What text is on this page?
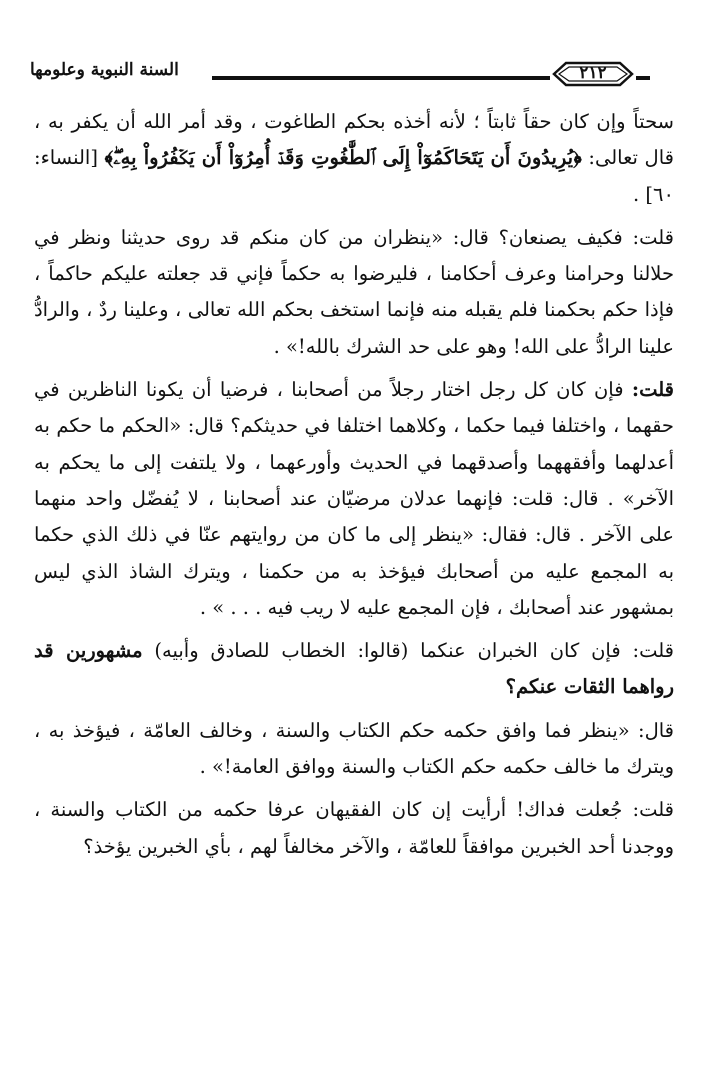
السنة النبوية وعلومها	٢١٢

سحتاً وإن كان حقاً ثابتاً ؛ لأنه أخذه بحكم الطاغوت ، وقد أمر الله أن يكفر به ، قال تعالى: ﴿يُرِيدُونَ أَن يَتَحَاكَمُوٓاْ إِلَى ٱلطَّٰغُوتِ وَقَدۡ أُمِرُوٓاْ أَن يَكۡفُرُواْ بِهِۦۖ﴾ [النساء: ٦٠] .

قلت: فكيف يصنعان؟ قال: «ينظران من كان منكم قد روى حديثنا ونظر في حلالنا وحرامنا وعرف أحكامنا ، فليرضوا به حكماً فإني قد جعلته عليكم حاكماً ، فإذا حكم بحكمنا فلم يقبله منه فإنما استخف بحكم الله تعالى ، وعلينا ردٌ ، والرادُّ علينا الرادُّ على الله! وهو على حد الشرك بالله!» .

قلت: فإن كان كل رجل اختار رجلاً من أصحابنا ، فرضيا أن يكونا الناظرين في حقهما ، واختلفا فيما حكما ، وكلاهما اختلفا في حديثكم؟ قال: «الحكم ما حكم به أعدلهما وأفقههما وأصدقهما في الحديث وأورعهما ، ولا يلتفت إلى ما يحكم به الآخر» . قال: قلت: فإنهما عدلان مرضيّان عند أصحابنا ، لا يُفضّل واحد منهما على الآخر . قال: فقال: «ينظر إلى ما كان من روايتهم عنّا في ذلك الذي حكما به المجمع عليه من أصحابك فيؤخذ به من حكمنا ، ويترك الشاذ الذي ليس بمشهور عند أصحابك ، فإن المجمع عليه لا ريب فيه . . . » .

قلت: فإن كان الخبران عنكما (قالوا: الخطاب للصادق وأبيه) مشهورين قد رواهما الثقات عنكم؟

قال: «ينظر فما وافق حكمه حكم الكتاب والسنة ، وخالف العامّة ، فيؤخذ به ، ويترك ما خالف حكمه حكم الكتاب والسنة ووافق العامة!» .

قلت: جُعلت فداك! أرأيت إن كان الفقيهان عرفا حكمه من الكتاب والسنة ، ووجدنا أحد الخبرين موافقاً للعامّة ، والآخر مخالفاً لهم ، بأي الخبرين يؤخذ؟
